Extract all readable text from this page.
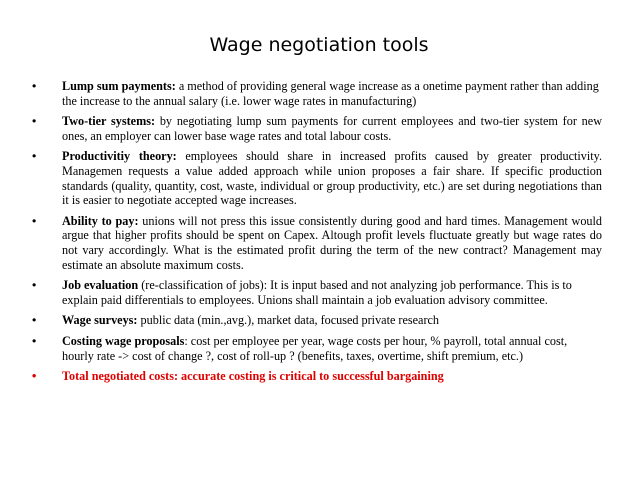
Wage negotiation tools
• Lump sum payments: a method of providing general wage increase as a onetime payment rather than adding the increase to the annual salary (i.e. lower wage rates in manufacturing)
• Two-tier systems: by negotiating lump sum payments for current employees and two-tier system for new ones, an employer can lower base wage rates and total labour costs.
• Productivitiy theory: employees should share in increased profits caused by greater productivity. Managemen requests a value added approach while union proposes a fair share. If specific production standards (quality, quantity, cost, waste, individual or group productivity, etc.) are set during negotiations than it is easier to negotiate accepted wage increases.
• Ability to pay: unions will not press this issue consistently during good and hard times. Management would argue that higher profits should be spent on Capex. Altough profit levels fluctuate greatly but wage rates do not vary accordingly. What is the estimated profit during the term of the new contract? Management may estimate an absolute maximum costs.
• Job evaluation (re-classification of jobs): It is input based and not analyzing job performance. This is to explain paid differentials to employees. Unions shall maintain a job evaluation advisory committee.
• Wage surveys: public data (min.,avg.), market data, focused private research
• Costing wage proposals: cost per employee per year, wage costs per hour, % payroll, total annual cost, hourly rate -> cost of change ?, cost of roll-up ? (benefits, taxes, overtime, shift premium, etc.)
• Total negotiated costs: accurate costing is critical to successful bargaining
